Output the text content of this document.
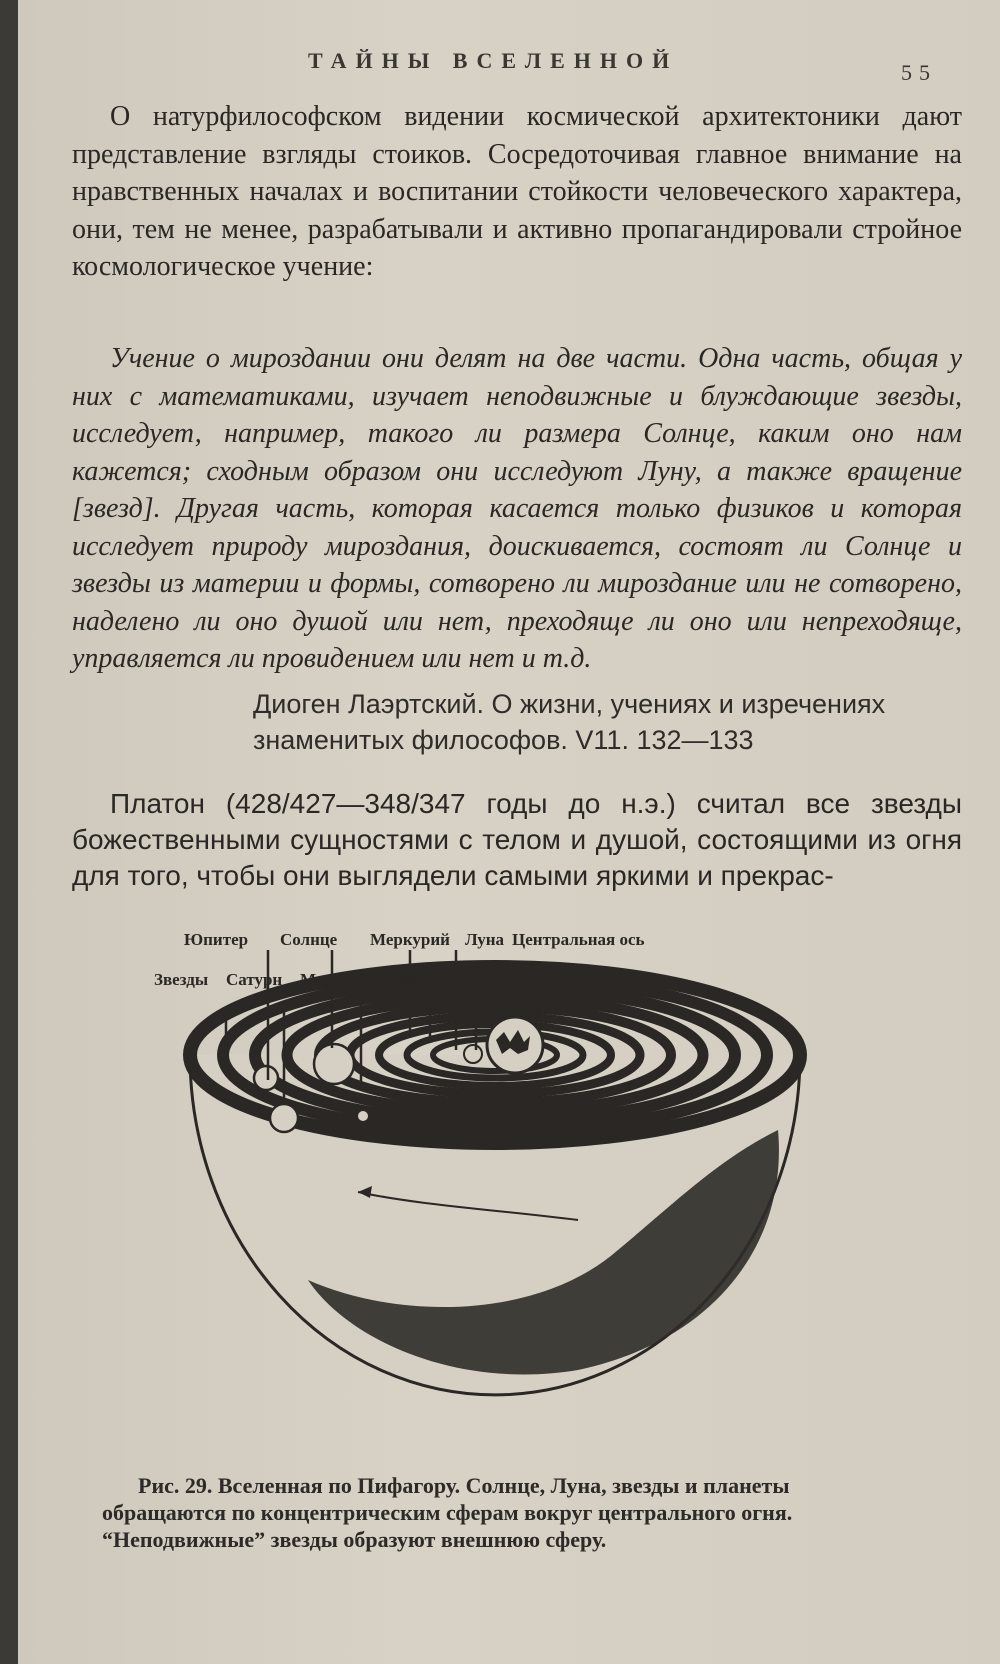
ТАЙНЫ ВСЕЛЕННОЙ	55

О натурфилософском видении космической архитектоники дают представление взгляды стоиков. Сосредоточивая главное внимание на нравственных началах и воспитании стойкости человеческого характера, они, тем не менее, разрабатывали и активно пропагандировали стройное космологическое учение:

Учение о мироздании они делят на две части. Одна часть, общая у них с математиками, изучает неподвижные и блуждающие звезды, исследует, например, такого ли размера Солнце, каким оно нам кажется; сходным образом они исследуют Луну, а также вращение [звезд]. Другая часть, которая касается только физиков и которая исследует природу мироздания, доискивается, состоят ли Солнце и звезды из материи и формы, сотворено ли мироздание или не сотворено, наделено ли оно душой или нет, преходяще ли оно или непреходяще, управляется ли провидением или нет и т.д.

Диоген Лаэртский. О жизни, учениях и изречениях
знаменитых философов. V11. 132—133

Платон (428/427—348/347 годы до н.э.) считал все звезды божественными сущностями с телом и душой, состоящими из огня для того, чтобы они выглядели самыми яркими и прекрас-

Юпитер Солнце Меркурий Луна Центральная ось
Звезды Сатурн Марс Венера Земля
Рис. 29. Вселенная по Пифагору. Солнце, Луна, звезды и планеты
обращаются по концентрическим сферам вокруг центрального огня.
“Неподвижные” звезды образуют внешнюю сферу.
